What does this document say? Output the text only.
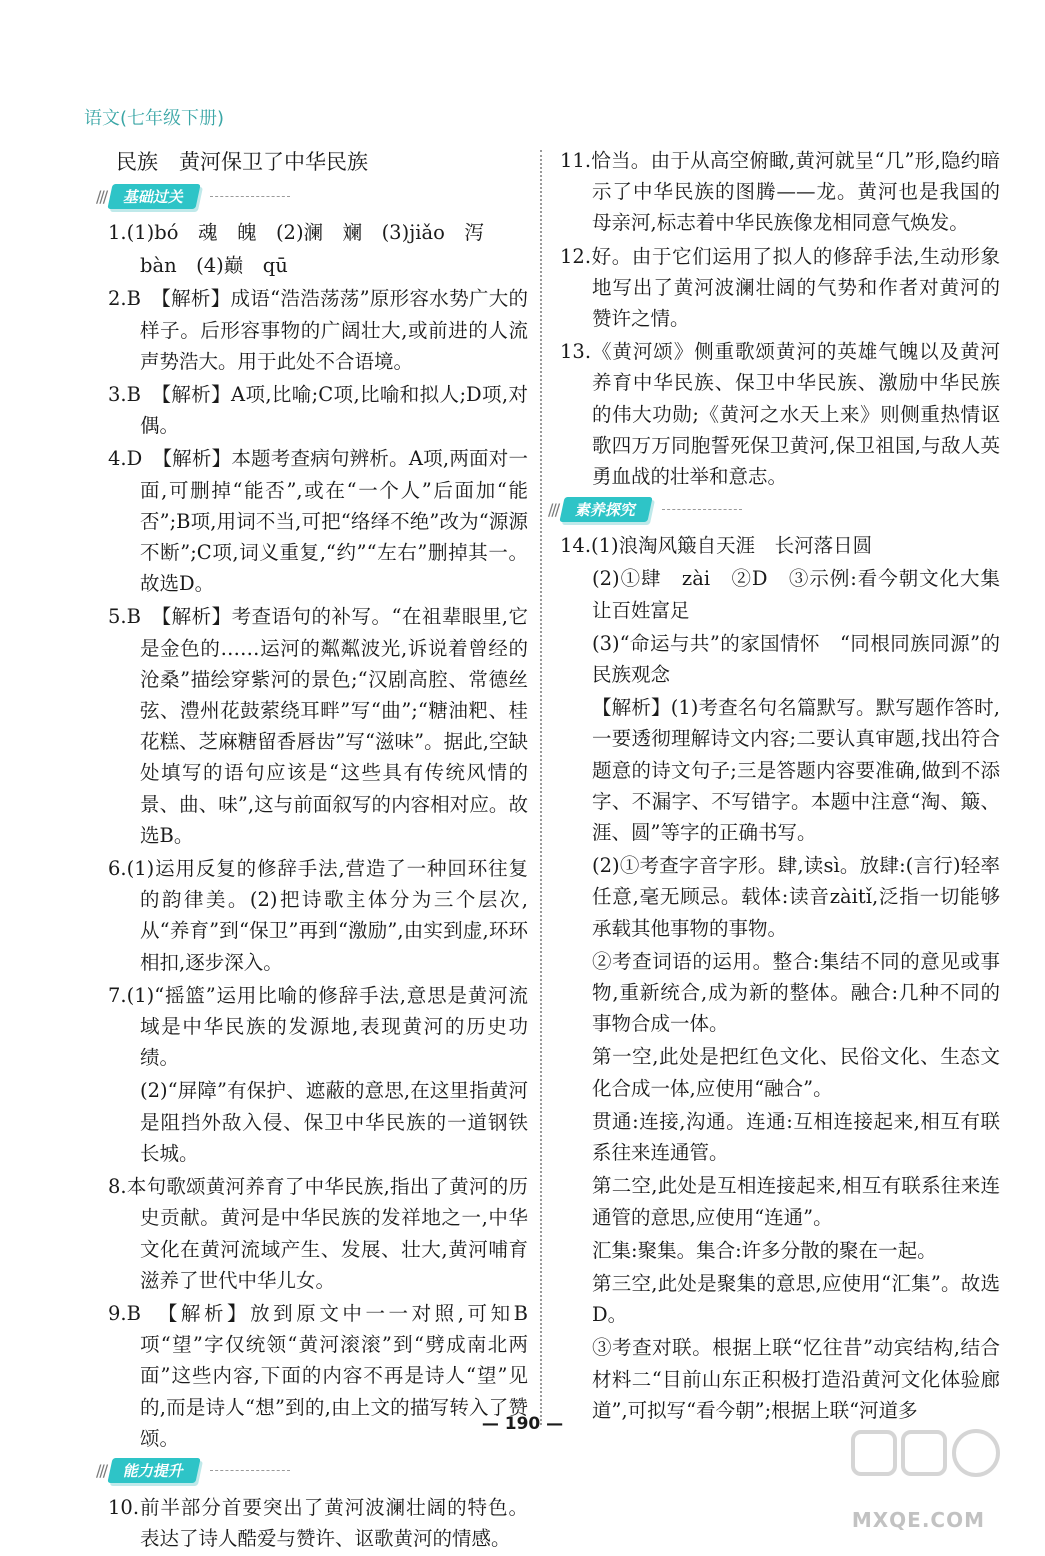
语文(七年级下册)
民族　黄河保卫了中华民族
///	基础过关
1.(1)bó　魂　魄　(2)澜　斓　(3)jiǎo　泻
bàn　(4)巅　qū
2.B　【解析】成语“浩浩荡荡”原形容水势广大的样子。后形容事物的广阔壮大,或前进的人流声势浩大。用于此处不合语境。
3.B　【解析】A项,比喻;C项,比喻和拟人;D项,对偶。
4.D　【解析】本题考查病句辨析。A项,两面对一面,可删掉“能否”,或在“一个人”后面加“能否”;B项,用词不当,可把“络绎不绝”改为“源源不断”;C项,词义重复,“约”“左右”删掉其一。故选D。
5.B　【解析】考查语句的补写。“在祖辈眼里,它是金色的……运河的粼粼波光,诉说着曾经的沧桑”描绘穿紫河的景色;“汉剧高腔、常德丝弦、澧州花鼓萦绕耳畔”写“曲”;“糖油粑、桂花糕、芝麻糖留香唇齿”写“滋味”。据此,空缺处填写的语句应该是“这些具有传统风情的景、曲、味”,这与前面叙写的内容相对应。故选B。
6.(1)运用反复的修辞手法,营造了一种回环往复的韵律美。(2)把诗歌主体分为三个层次,从“养育”到“保卫”再到“激励”,由实到虚,环环相扣,逐步深入。
7.(1)“摇篮”运用比喻的修辞手法,意思是黄河流域是中华民族的发源地,表现黄河的历史功绩。
(2)“屏障”有保护、遮蔽的意思,在这里指黄河是阻挡外敌入侵、保卫中华民族的一道钢铁长城。
8.本句歌颂黄河养育了中华民族,指出了黄河的历史贡献。黄河是中华民族的发祥地之一,中华文化在黄河流域产生、发展、壮大,黄河哺育滋养了世代中华儿女。
9.B　【解析】放到原文中一一对照,可知B项“望”字仅统领“黄河滚滚”到“劈成南北两面”这些内容,下面的内容不再是诗人“望”见的,而是诗人“想”到的,由上文的描写转入了赞颂。
///	能力提升
10.前半部分首要突出了黄河波澜壮阔的特色。表达了诗人酷爱与赞许、讴歌黄河的情感。
11.恰当。由于从高空俯瞰,黄河就呈“几”形,隐约暗示了中华民族的图腾——龙。黄河也是我国的母亲河,标志着中华民族像龙相同意气焕发。
12.好。由于它们运用了拟人的修辞手法,生动形象地写出了黄河波澜壮阔的气势和作者对黄河的赞许之情。
13.《黄河颂》侧重歌颂黄河的英雄气魄以及黄河养育中华民族、保卫中华民族、激励中华民族的伟大功勋;《黄河之水天上来》则侧重热情讴歌四万万同胞誓死保卫黄河,保卫祖国,与敌人英勇血战的壮举和意志。
///	素养探究
14.(1)浪淘风簸自天涯　长河落日圆
(2)①肆　zài　②D　③示例:看今朝文化大集让百姓富足
(3)“命运与共”的家国情怀　“同根同族同源”的民族观念
【解析】(1)考查名句名篇默写。默写题作答时,一要透彻理解诗文内容;二要认真审题,找出符合题意的诗文句子;三是答题内容要准确,做到不添字、不漏字、不写错字。本题中注意“淘、簸、涯、圆”等字的正确书写。
(2)①考查字音字形。肆,读sì。放肆:(言行)轻率任意,毫无顾忌。载体:读音zàitǐ,泛指一切能够承载其他事物的事物。
②考查词语的运用。整合:集结不同的意见或事物,重新统合,成为新的整体。融合:几种不同的事物合成一体。
第一空,此处是把红色文化、民俗文化、生态文化合成一体,应使用“融合”。
贯通:连接,沟通。连通:互相连接起来,相互有联系往来连通管。
第二空,此处是互相连接起来,相互有联系往来连通管的意思,应使用“连通”。
汇集:聚集。集合:许多分散的聚在一起。
第三空,此处是聚集的意思,应使用“汇集”。故选D。
③考查对联。根据上联“忆往昔”动宾结构,结合材料二“目前山东正积极打造沿黄河文化体验廊道”,可拟写“看今朝”;根据上联“河道多
— 190 —
MXQE.COM
